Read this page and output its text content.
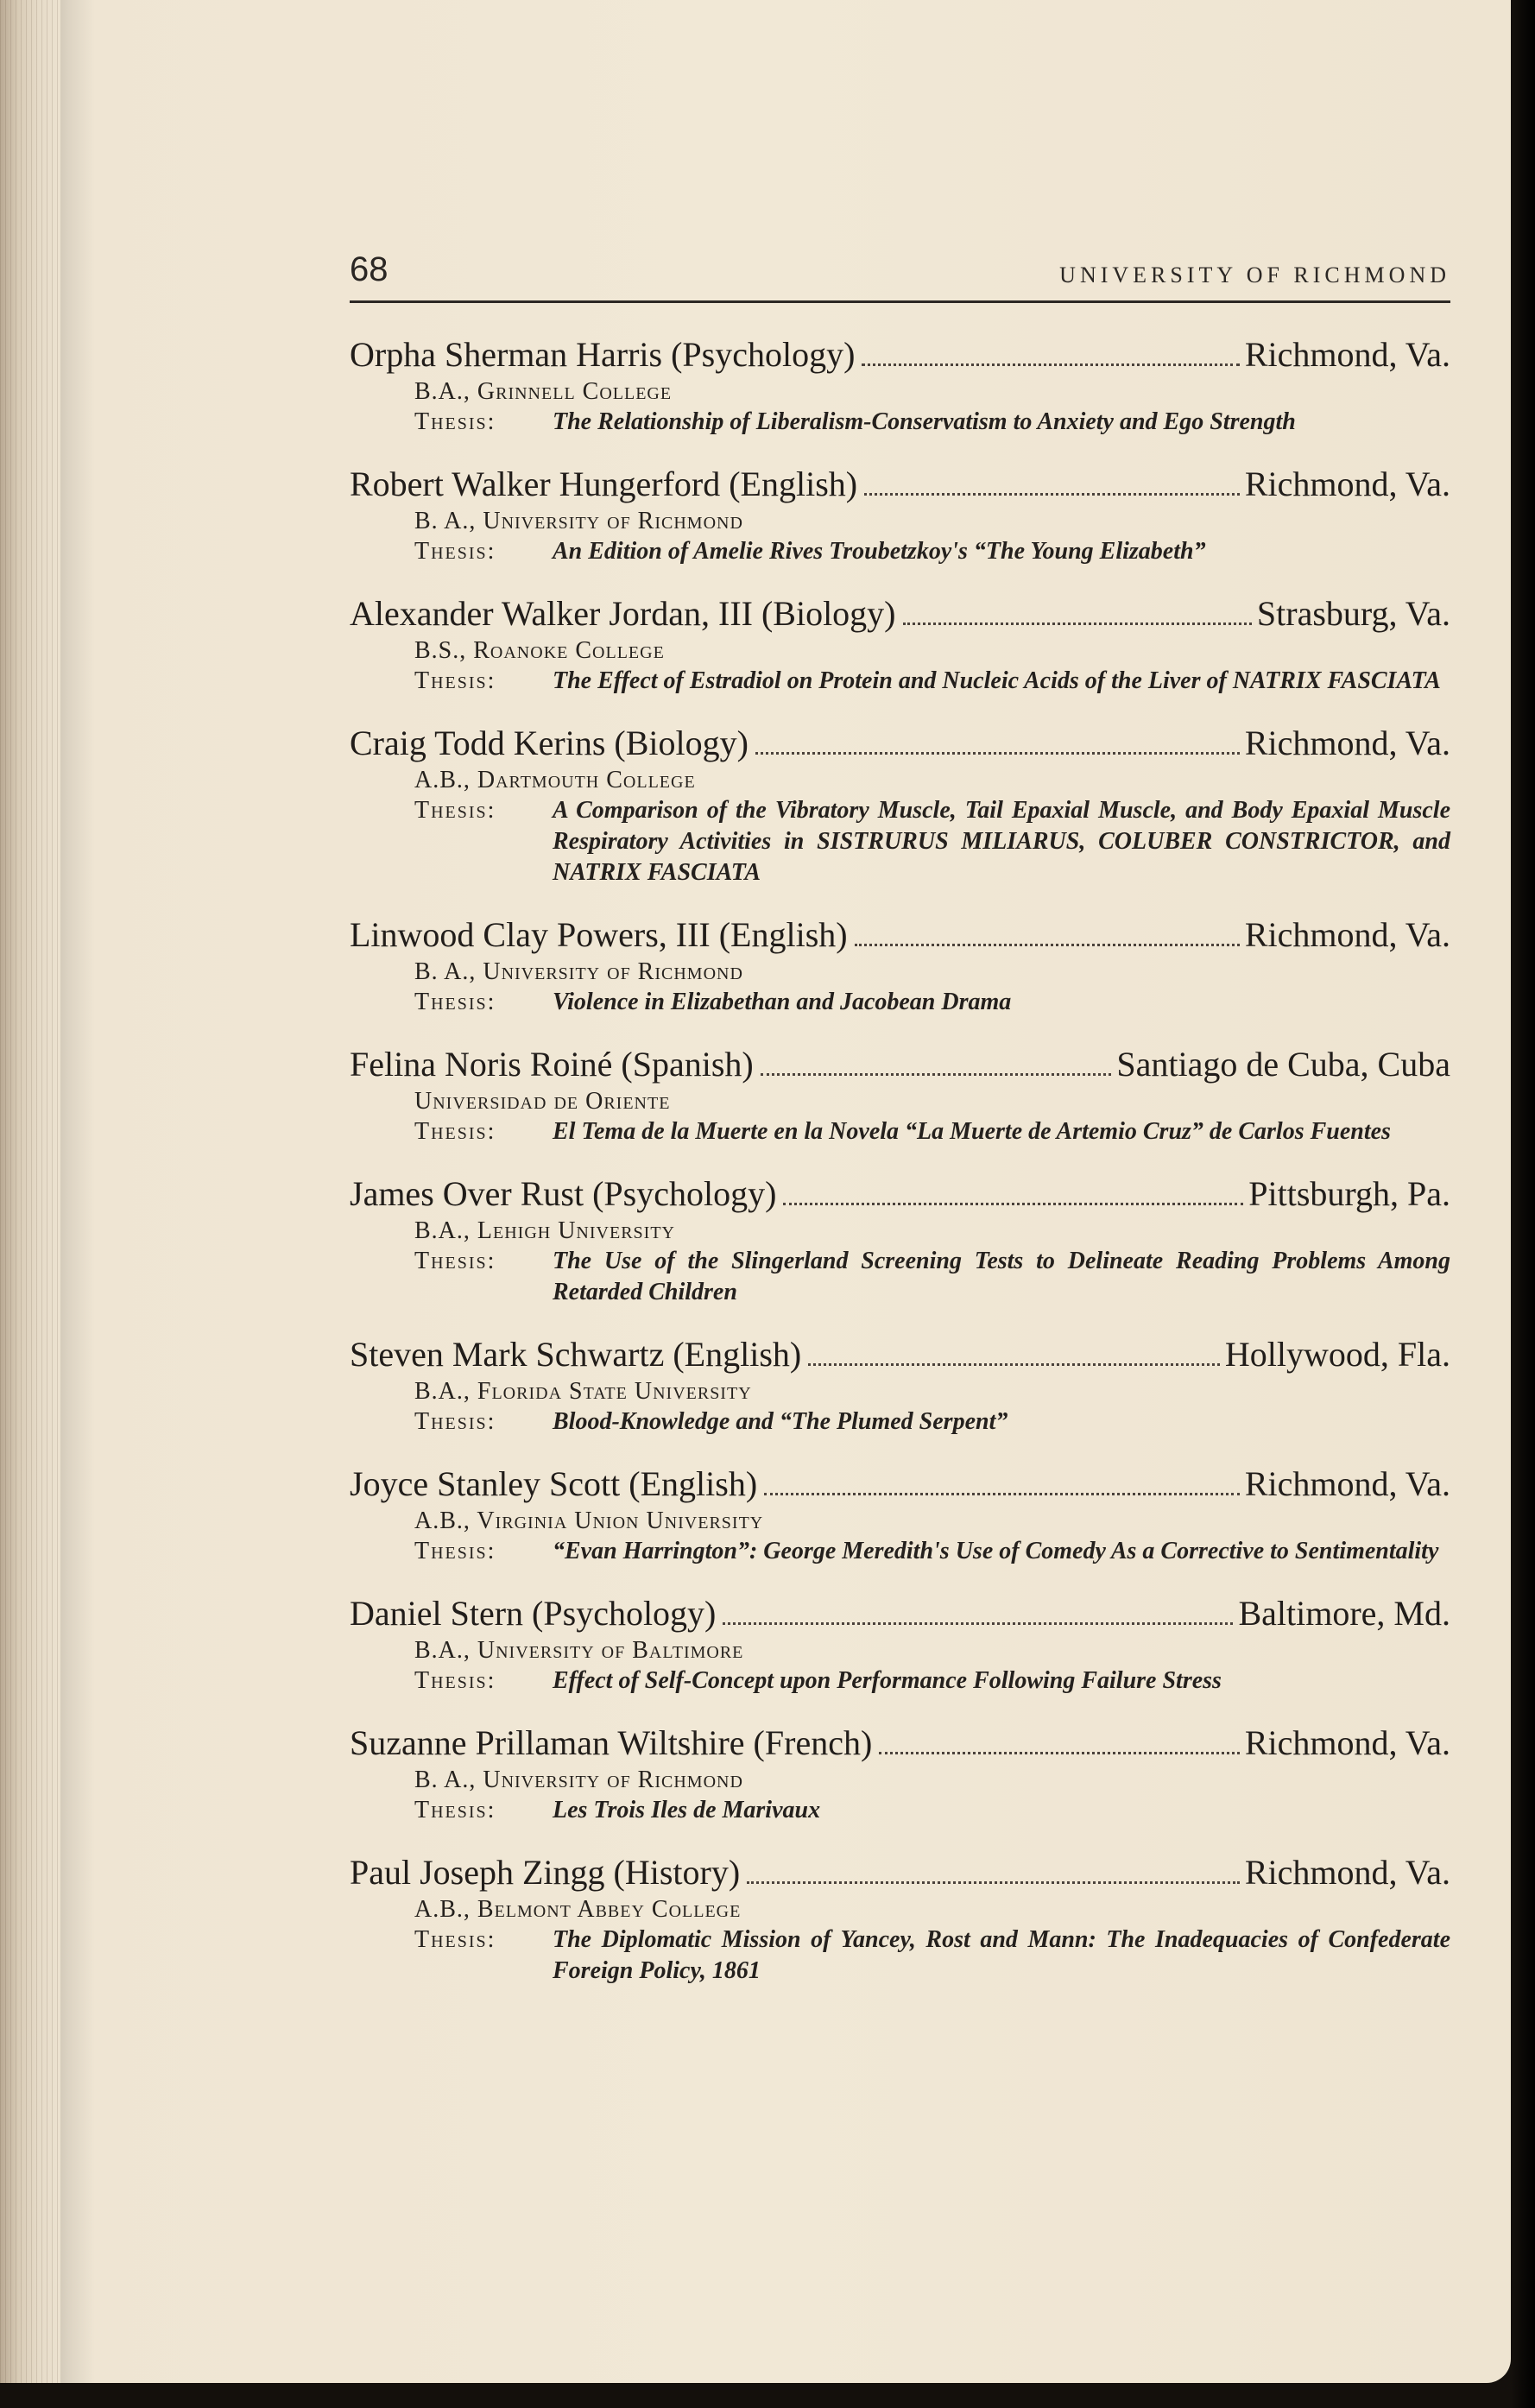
68	UNIVERSITY OF RICHMOND
Orpha Sherman Harris (Psychology)	Richmond, Va.
B.A., Grinnell College
Thesis: The Relationship of Liberalism-Conservatism to Anxiety and Ego Strength
Robert Walker Hungerford (English)	Richmond, Va.
B. A., University of Richmond
Thesis: An Edition of Amelie Rives Troubetzkoy's “The Young Elizabeth”
Alexander Walker Jordan, III (Biology)	Strasburg, Va.
B.S., Roanoke College
Thesis: The Effect of Estradiol on Protein and Nucleic Acids of the Liver of NATRIX FASCIATA
Craig Todd Kerins (Biology)	Richmond, Va.
A.B., Dartmouth College
Thesis: A Comparison of the Vibratory Muscle, Tail Epaxial Muscle, and Body Epaxial Muscle Respiratory Activities in SISTRURUS MILIARUS, COLUBER CONSTRICTOR, and NATRIX FASCIATA
Linwood Clay Powers, III (English)	Richmond, Va.
B. A., University of Richmond
Thesis: Violence in Elizabethan and Jacobean Drama
Felina Noris Roiné (Spanish)	Santiago de Cuba, Cuba
Universidad de Oriente
Thesis: El Tema de la Muerte en la Novela “La Muerte de Artemio Cruz” de Carlos Fuentes
James Over Rust (Psychology)	Pittsburgh, Pa.
B.A., Lehigh University
Thesis: The Use of the Slingerland Screening Tests to Delineate Reading Problems Among Retarded Children
Steven Mark Schwartz (English)	Hollywood, Fla.
B.A., Florida State University
Thesis: Blood-Knowledge and “The Plumed Serpent”
Joyce Stanley Scott (English)	Richmond, Va.
A.B., Virginia Union University
Thesis: “Evan Harrington”: George Meredith's Use of Comedy As a Corrective to Sentimentality
Daniel Stern (Psychology)	Baltimore, Md.
B.A., University of Baltimore
Thesis: Effect of Self-Concept upon Performance Following Failure Stress
Suzanne Prillaman Wiltshire (French)	Richmond, Va.
B. A., University of Richmond
Thesis: Les Trois Iles de Marivaux
Paul Joseph Zingg (History)	Richmond, Va.
A.B., Belmont Abbey College
Thesis: The Diplomatic Mission of Yancey, Rost and Mann: The Inadequacies of Confederate Foreign Policy, 1861
